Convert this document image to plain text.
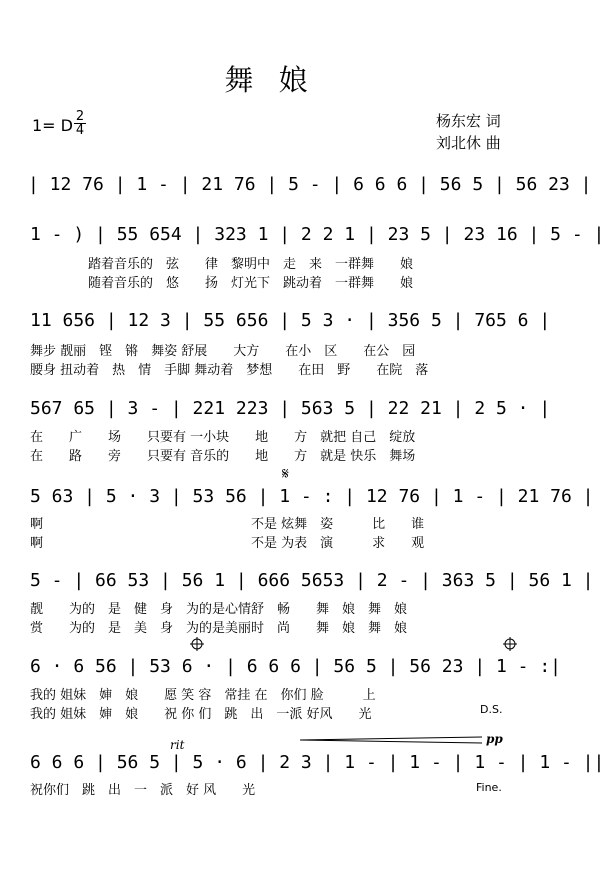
舞 娘
1= D $\frac{2}{4}$	杨东宏 词
刘北休 曲
| 12 76 | 1 - | 21 76 | 5 - | 6 6 6 | 56 5 | 56 23 |
1 - ) | 55 654 | 323 1 | 2 2 1 | 23 5 | 23 16 | 5 - |
踏着音乐的　弦　　律　黎明中　走　来　一群舞　　娘
随着音乐的　悠　　扬　灯光下　跳动着　一群舞　　娘
11 656 | 12 3 | 55 656 | 5 3 · | 356 5 | 765 6 |
舞步 靓丽　铿　锵　舞姿 舒展　　大方　　在小　区　　在公　园
腰身 扭动着　热　情　手脚 舞动着　梦想　　在田　野　　在院　落
567 65 | 3 - | 221 223 | 563 5 | 22 21 | 2 5 · |
在　　广　　场　　只要有 一小块　　地　　方　就把 自己　绽放
在　　路　　旁　　只要有 音乐的　　地　　方　就是 快乐　舞场
5 63 | 5 · 3 | 53 56 | 1 - : | 12 76 | 1 - | 21 76 |
啊　　　　　　　　　　　　　　　　不是 炫舞　姿　　　比　　谁
啊　　　　　　　　　　　　　　　　不是 为表　演　　　求　　观
5 - | 66 53 | 56 1 | 666 5653 | 2 - | 363 5 | 56 1 |
靓　　为的　是　健　身　为的是心情舒　畅　　舞　娘　舞　娘
赏　　为的　是　美　身　为的是美丽时　尚　　舞　娘　舞　娘
6 · 6 56 | 53 6 · | 6 6 6 | 56 5 | 56 23 | 1 - :|
我的 姐妹　婶　娘　　愿 笑 容　常挂 在　你们 脸　　　上
我的 姐妹　婶　娘　　祝 你 们　跳　出　一派 好风　　光	D.S.
rit	pp
6 6 6 | 56 5 | 5 · 6 | 2 3 | 1 - | 1 - | 1 - | 1 - ||
祝你们　跳　出　一　派　好 风　　光	Fine.
𝄋
